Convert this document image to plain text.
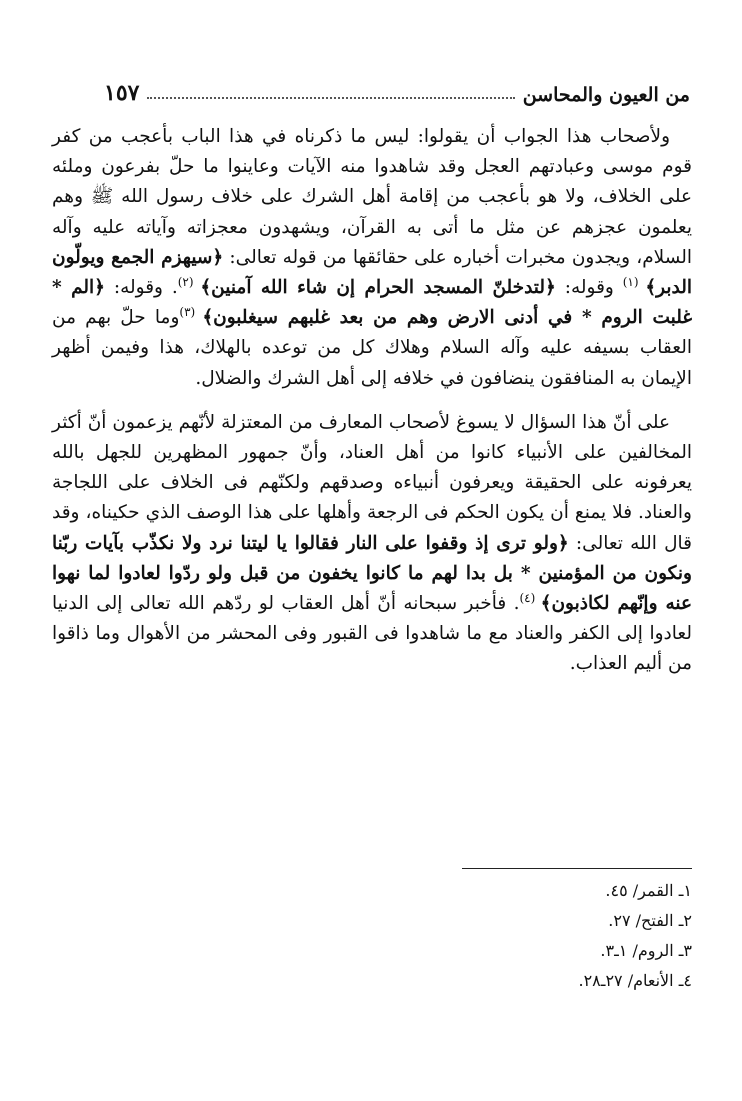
من العيون والمحاسن
١٥٧

ولأصحاب هذا الجواب أن يقولوا: ليس ما ذكرناه في هذا الباب بأعجب من كفر قوم موسى وعبادتهم العجل وقد شاهدوا منه الآيات وعاينوا ما حلّ بفرعون وملئه على الخلاف، ولا هو بأعجب من إقامة أهل الشرك على خلاف رسول الله ﷺ وهم يعلمون عجزهم عن مثل ما أتى به القرآن، ويشهدون معجزاته وآياته عليه وآله السلام، ويجدون مخبرات أخباره على حقائقها من قوله تعالى: ﴿سيهزم الجمع ويولّون الدبر﴾ $^{(١)}$ وقوله: ﴿لتدخلنّ المسجد الحرام إن شاء الله آمنين﴾ $^{(٢)}$. وقوله: ﴿الم * غلبت الروم * في أدنى الارض وهم من بعد غلبهم سيغلبون﴾ $^{(٣)}$وما حلّ بهم من العقاب بسيفه عليه وآله السلام وهلاك كل من توعده بالهلاك، هذا وفيمن أظهر الإيمان به المنافقون ينضافون في خلافه إلى أهل الشرك والضلال.

على أنّ هذا السؤال لا يسوغ لأصحاب المعارف من المعتزلة لأنّهم يزعمون أنّ أكثر المخالفين على الأنبياء كانوا من أهل العناد، وأنّ جمهور المظهرين للجهل بالله يعرفونه على الحقيقة ويعرفون أنبياءه وصدقهم ولكنّهم فى الخلاف على اللجاجة والعناد. فلا يمنع أن يكون الحكم فى الرجعة وأهلها على هذا الوصف الذي حكيناه، وقد قال الله تعالى: ﴿ولو ترى إذ وقفوا على النار فقالوا يا ليتنا نرد ولا نكذّب بآيات ربّنا ونكون من المؤمنين * بل بدا لهم ما كانوا يخفون من قبل ولو ردّوا لعادوا لما نهوا عنه وإنّهم لكاذبون﴾ $^{(٤)}$. فأخبر سبحانه أنّ أهل العقاب لو ردّهم الله تعالى إلى الدنيا لعادوا إلى الكفر والعناد مع ما شاهدوا فى القبور وفى المحشر من الأهوال وما ذاقوا من أليم العذاب.

١ـ القمر/ ٤٥.
٢ـ الفتح/ ٢٧.
٣ـ الروم/ ١ـ٣.
٤ـ الأنعام/ ٢٧ـ٢٨.
